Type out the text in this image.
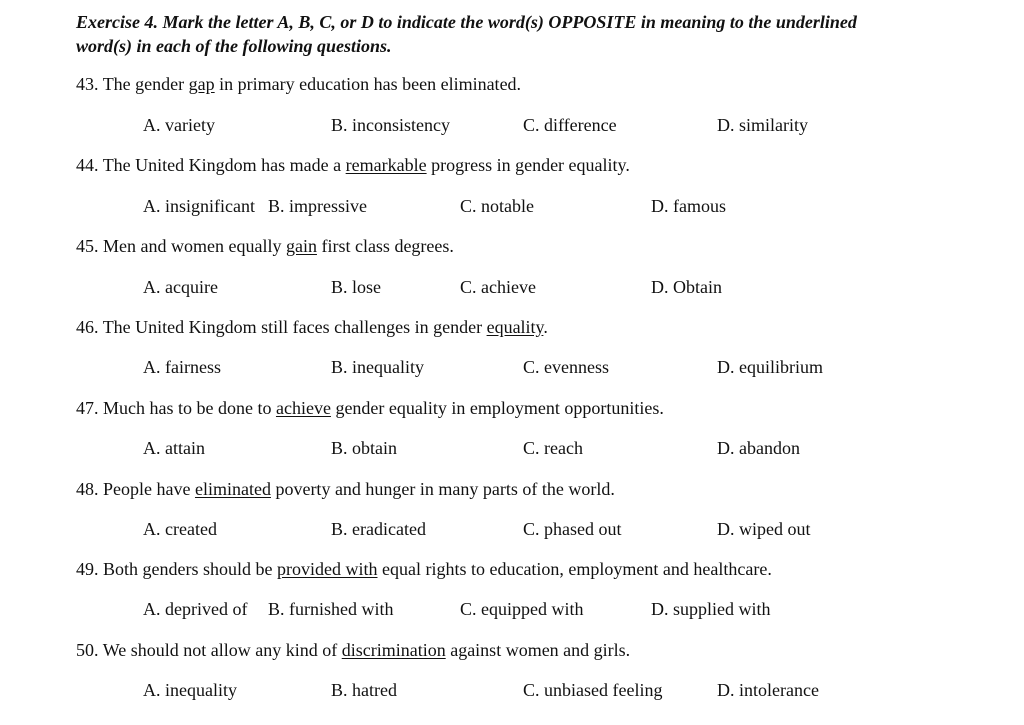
Exercise 4. Mark the letter A, B, C, or D to indicate the word(s) OPPOSITE in meaning to the underlined
word(s) in each of the following questions.
43. The gender gap in primary education has been eliminated.
A. variety	B. inconsistency	C. difference	D. similarity
44. The United Kingdom has made a remarkable progress in gender equality.
A. insignificant B. impressive	C. notable	D. famous
45. Men and women equally gain first class degrees.
A. acquire	B. lose	C. achieve	D. Obtain
46. The United Kingdom still faces challenges in gender equality.
A. fairness	B. inequality	C. evenness	D. equilibrium
47. Much has to be done to achieve gender equality in employment opportunities.
A. attain	B. obtain	C. reach	D. abandon
48. People have eliminated poverty and hunger in many parts of the world.
A. created	B. eradicated	C. phased out	D. wiped out
49. Both genders should be provided with equal rights to education, employment and healthcare.
A. deprived of B. furnished with	C. equipped with	D. supplied with
50. We should not allow any kind of discrimination against women and girls.
A. inequality	B. hatred	C. unbiased feeling	D. intolerance
